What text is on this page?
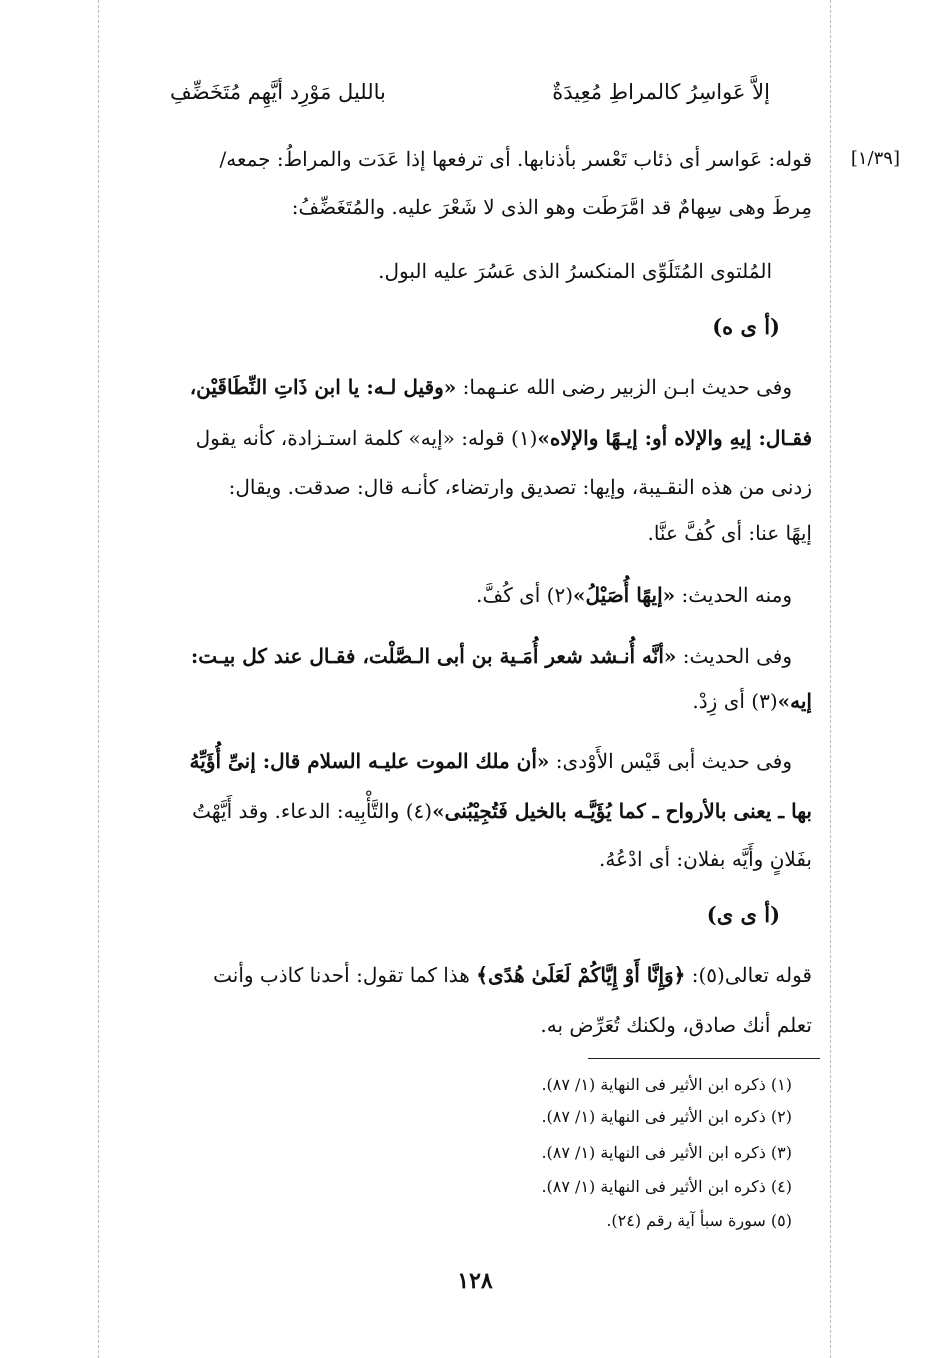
إلاَّ عَواسِرُ كالمراطِ مُعِيدَةٌ
بالليل مَوْرِد أيَّهِم مُتَخَضِّفِ
[١/٣٩]
قوله: عَواسر أى ذئاب تَعْسر بأذنابها. أى ترفعها إذا عَدَت والمراطُ: جمعه/
مِرطَ وهى سِهامٌ قد امَّرَطَت وهو الذى لا شَعْرَ عليه. والمُتَغَضِّفُ:
المُلتوى المُتَلَوِّى المنكسرُ الذى عَسُرَ عليه البول.
(أ ى ه)
وفى حديث ابـن الزبير رضى الله عنـهما: «وقيل لـه: يا ابن ذَاتِ النِّطَاقَيْن،
فقـال: إيهِ والإلاه أو: إيـهًا والإلاه»(١) قوله: «إيه» كلمة استـزادة، كأنه يقول
زدنى من هذه النقـيبة، وإيها: تصديق وارتضاء، كأنـه قال: صدقت. ويقال:
إيهًا عنا: أى كُفَّ عنَّا.
ومنه الحديث: «إيهًا أُصَيْلُ»(٢) أى كُفَّ.
وفى الحديث: «أنَّه أُنـشد شعر أُمَـية بن أبى الـصَّلْت، فقـال عند كل بيـت:
إيه»(٣) أى زِدْ.
وفى حديث أبى قَيْس الأَوْدى: «أن ملك الموت عليـه السلام قال: إنىِّ أُؤَيِّهُ
بها ـ يعنى بالأرواح ـ كما يُؤَيَّـه بالخيل فَتُجِيْبُنى»(٤) والتَّأْبِيه: الدعاء. وقد أَيَّهْتُ
بفَلانٍ وأَيَّه بفلان: أى ادْعُهُ.
(أ ى ى)
قوله تعالى(٥): ﴿وَإِنَّا أَوْ إِيَّاكُمْ لَعَلَىٰ هُدًى﴾ هذا كما تقول: أحدنا كاذب وأنت
تعلم أنك صادق، ولكنك تُعَرِّض به.
(١) ذكره ابن الأثير فى النهاية (١/ ٨٧).
(٢) ذكره ابن الأثير فى النهاية (١/ ٨٧).
(٣) ذكره ابن الأثير فى النهاية (١/ ٨٧).
(٤) ذكره ابن الأثير فى النهاية (١/ ٨٧).
(٥) سورة سبأ آية رقم (٢٤).
١٢٨
